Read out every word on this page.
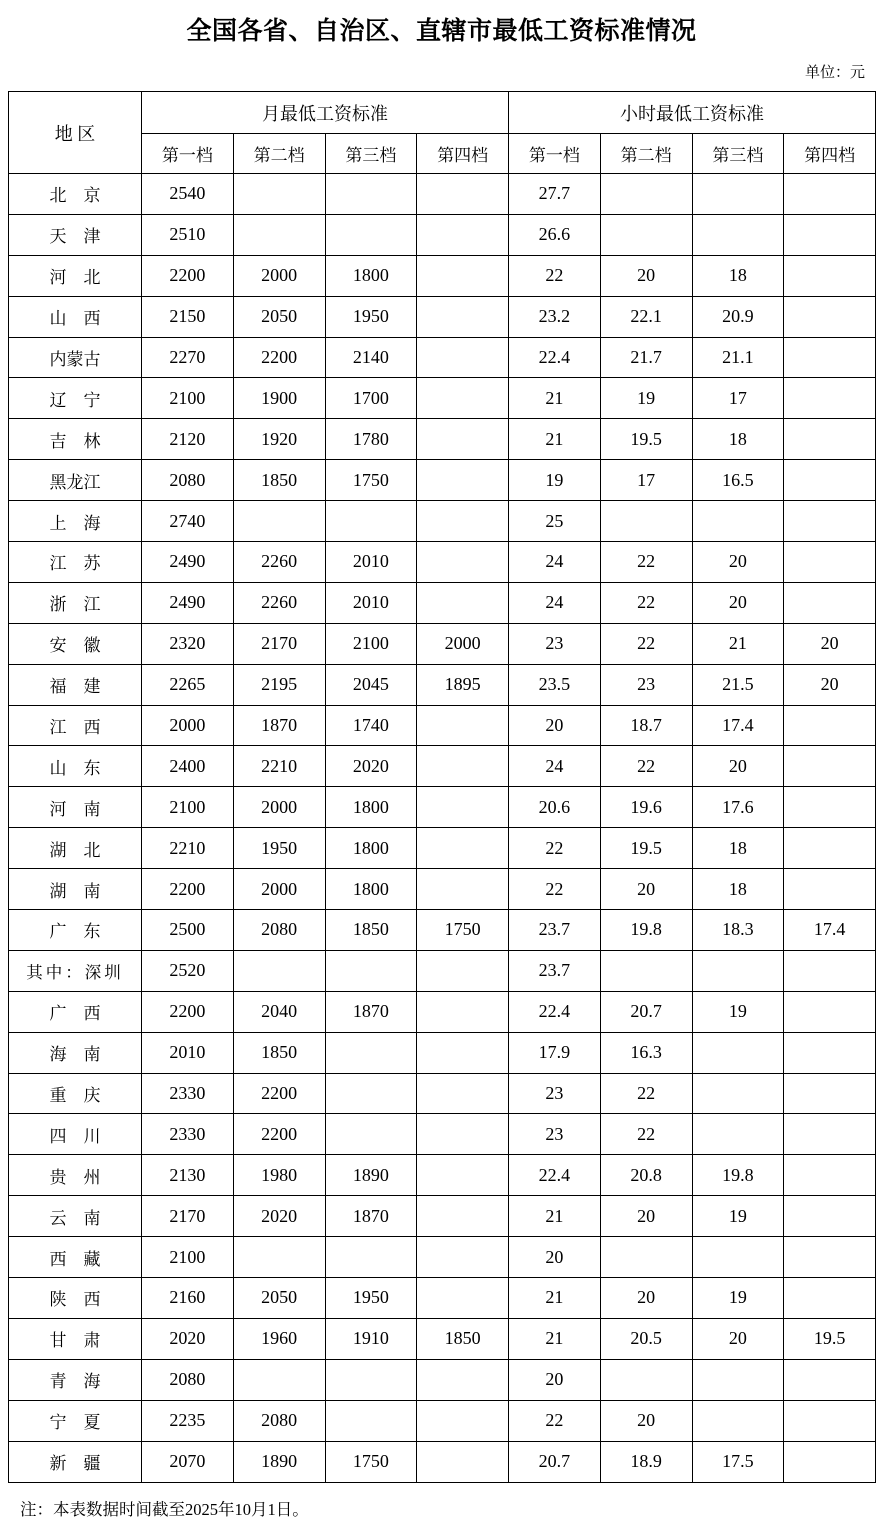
全国各省、自治区、直辖市最低工资标准情况
单位：元
地 区	月最低工资标准				小时最低工资标准			
	第一档	第二档	第三档	第四档	第一档	第二档	第三档	第四档
北　京	2540				27.7			
天　津	2510				26.6			
河　北	2200	2000	1800		22	20	18	
山　西	2150	2050	1950		23.2	22.1	20.9	
内蒙古	2270	2200	2140		22.4	21.7	21.1	
辽　宁	2100	1900	1700		21	19	17	
吉　林	2120	1920	1780		21	19.5	18	
黑龙江	2080	1850	1750		19	17	16.5	
上　海	2740				25			
江　苏	2490	2260	2010		24	22	20	
浙　江	2490	2260	2010		24	22	20	
安　徽	2320	2170	2100	2000	23	22	21	20
福　建	2265	2195	2045	1895	23.5	23	21.5	20
江　西	2000	1870	1740		20	18.7	17.4	
山　东	2400	2210	2020		24	22	20	
河　南	2100	2000	1800		20.6	19.6	17.6	
湖　北	2210	1950	1800		22	19.5	18	
湖　南	2200	2000	1800		22	20	18	
广　东	2500	2080	1850	1750	23.7	19.8	18.3	17.4
其中：深圳	2520				23.7			
广　西	2200	2040	1870		22.4	20.7	19	
海　南	2010	1850			17.9	16.3		
重　庆	2330	2200			23	22		
四　川	2330	2200			23	22		
贵　州	2130	1980	1890		22.4	20.8	19.8	
云　南	2170	2020	1870		21	20	19	
西　藏	2100				20			
陕　西	2160	2050	1950		21	20	19	
甘　肃	2020	1960	1910	1850	21	20.5	20	19.5
青　海	2080				20			
宁　夏	2235	2080			22	20		
新　疆	2070	1890	1750		20.7	18.9	17.5	
注：本表数据时间截至2025年10月1日。
